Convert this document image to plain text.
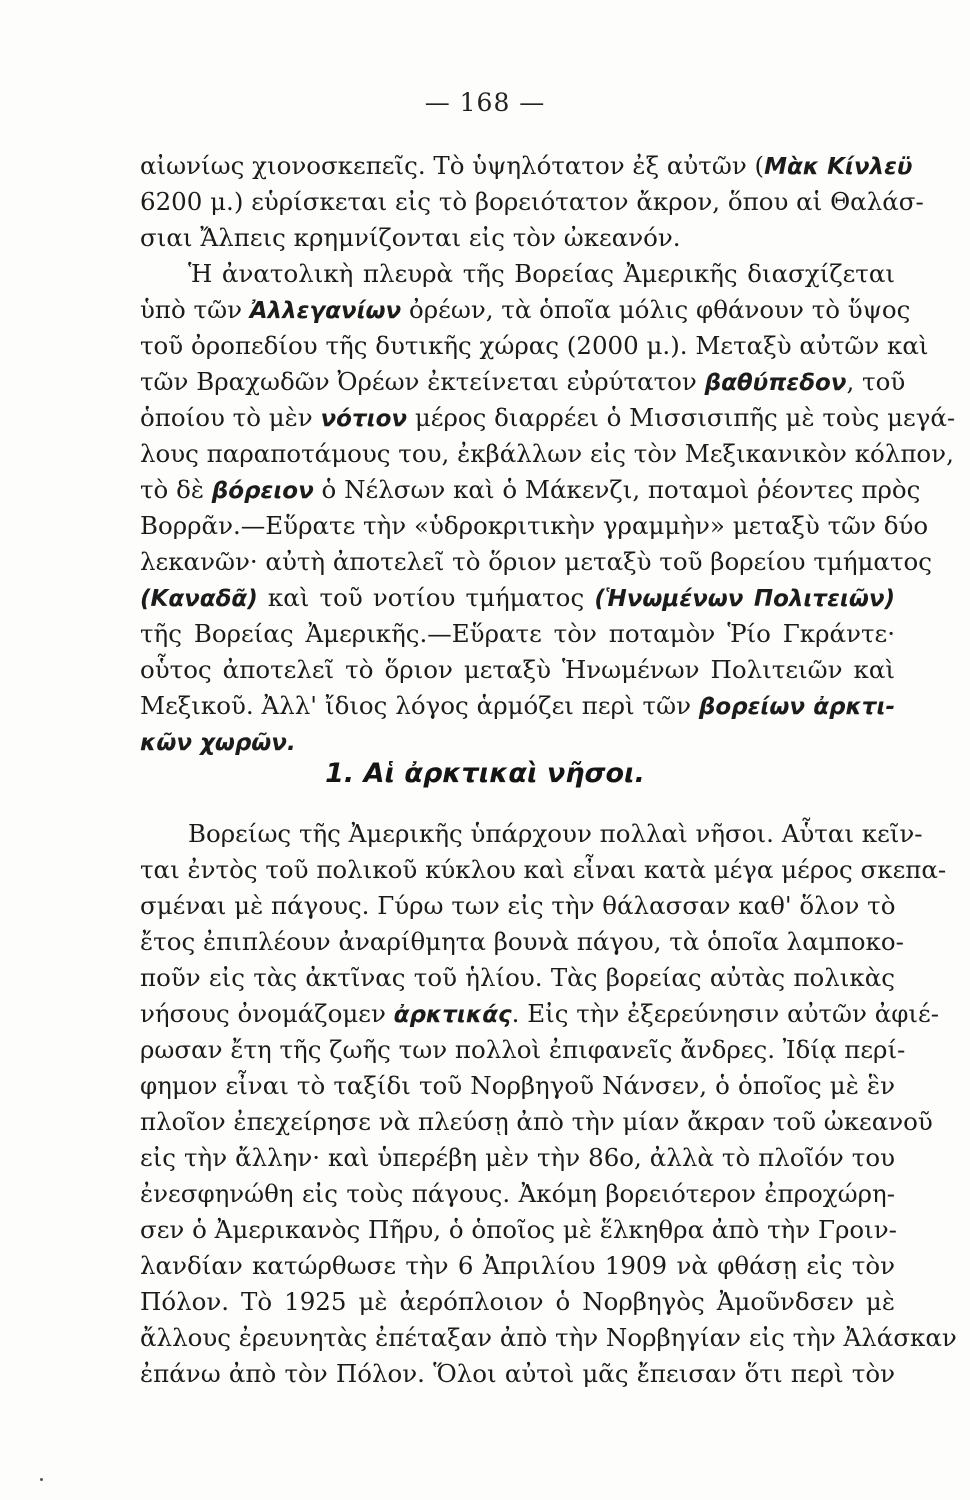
— 168 —
αἰωνίως χιονοσκεπεῖς. Τὸ ὑψηλότατον ἐξ αὐτῶν (Μὰκ Κίνλεϋ
6200 μ.) εὑρίσκεται εἰς τὸ βορειότατον ἄκρον, ὅπου αἱ Θαλάσ-
σιαι Ἄλπεις κρημνίζονται εἰς τὸν ὠκεανόν.
Ἡ ἀνατολικὴ πλευρὰ τῆς Βορείας Ἀμερικῆς διασχίζεται
ὑπὸ τῶν Ἀλλεγανίων ὀρέων, τὰ ὁποῖα μόλις φθάνουν τὸ ὕψος
τοῦ ὀροπεδίου τῆς δυτικῆς χώρας (2000 μ.). Μεταξὺ αὐτῶν καὶ
τῶν Βραχωδῶν Ὀρέων ἐκτείνεται εὐρύτατον βαθύπεδον, τοῦ
ὁποίου τὸ μὲν νότιον μέρος διαρρέει ὁ Μισσισιπῆς μὲ τοὺς μεγά-
λους παραποτάμους του, ἐκβάλλων εἰς τὸν Μεξικανικὸν κόλπον,
τὸ δὲ βόρειον ὁ Νέλσων καὶ ὁ Μάκενζι, ποταμοὶ ῥέοντες πρὸς
Βορρᾶν.—Εὕρατε τὴν «ὑδροκριτικὴν γραμμὴν» μεταξὺ τῶν δύο
λεκανῶν· αὐτὴ ἀποτελεῖ τὸ ὅριον μεταξὺ τοῦ βορείου τμήματος
(Καναδᾶ) καὶ τοῦ νοτίου τμήματος (Ἡνωμένων Πολιτειῶν)
τῆς Βορείας Ἀμερικῆς.—Εὕρατε τὸν ποταμὸν Ῥίο Γκράντε·
οὗτος ἀποτελεῖ τὸ ὅριον μεταξὺ Ἡνωμένων Πολιτειῶν καὶ
Μεξικοῦ. Ἀλλ' ἴδιος λόγος ἁρμόζει περὶ τῶν βορείων ἀρκτι-
κῶν χωρῶν.
1. Αἱ ἀρκτικαὶ νῆσοι.
Βορείως τῆς Ἀμερικῆς ὑπάρχουν πολλαὶ νῆσοι. Αὗται κεῖν-
ται ἐντὸς τοῦ πολικοῦ κύκλου καὶ εἶναι κατὰ μέγα μέρος σκεπα-
σμέναι μὲ πάγους. Γύρω των εἰς τὴν θάλασσαν καθ' ὅλον τὸ
ἔτος ἐπιπλέουν ἀναρίθμητα βουνὰ πάγου, τὰ ὁποῖα λαμποκο-
ποῦν εἰς τὰς ἀκτῖνας τοῦ ἡλίου. Τὰς βορείας αὐτὰς πολικὰς
νήσους ὀνομάζομεν ἀρκτικάς. Εἰς τὴν ἐξερεύνησιν αὐτῶν ἀφιέ-
ρωσαν ἔτη τῆς ζωῆς των πολλοὶ ἐπιφανεῖς ἄνδρες. Ἰδίᾳ περί-
φημον εἶναι τὸ ταξίδι τοῦ Νορβηγοῦ Νάνσεν, ὁ ὁποῖος μὲ ἓν
πλοῖον ἐπεχείρησε νὰ πλεύσῃ ἀπὸ τὴν μίαν ἄκραν τοῦ ὠκεανοῦ
εἰς τὴν ἄλλην· καὶ ὑπερέβη μὲν τὴν 86ο, ἀλλὰ τὸ πλοῖόν του
ἐνεσφηνώθη εἰς τοὺς πάγους. Ἀκόμη βορειότερον ἐπροχώρη-
σεν ὁ Ἀμερικανὸς Πῆρυ, ὁ ὁποῖος μὲ ἕλκηθρα ἀπὸ τὴν Γροιν-
λανδίαν κατώρθωσε τὴν 6 Ἀπριλίου 1909 νὰ φθάσῃ εἰς τὸν
Πόλον. Τὸ 1925 μὲ ἀερόπλοιον ὁ Νορβηγὸς Ἀμοῦνδσεν μὲ
ἄλλους ἐρευνητὰς ἐπέταξαν ἀπὸ τὴν Νορβηγίαν εἰς τὴν Ἀλάσκαν
ἐπάνω ἀπὸ τὸν Πόλον. Ὅλοι αὐτοὶ μᾶς ἔπεισαν ὅτι περὶ τὸν
